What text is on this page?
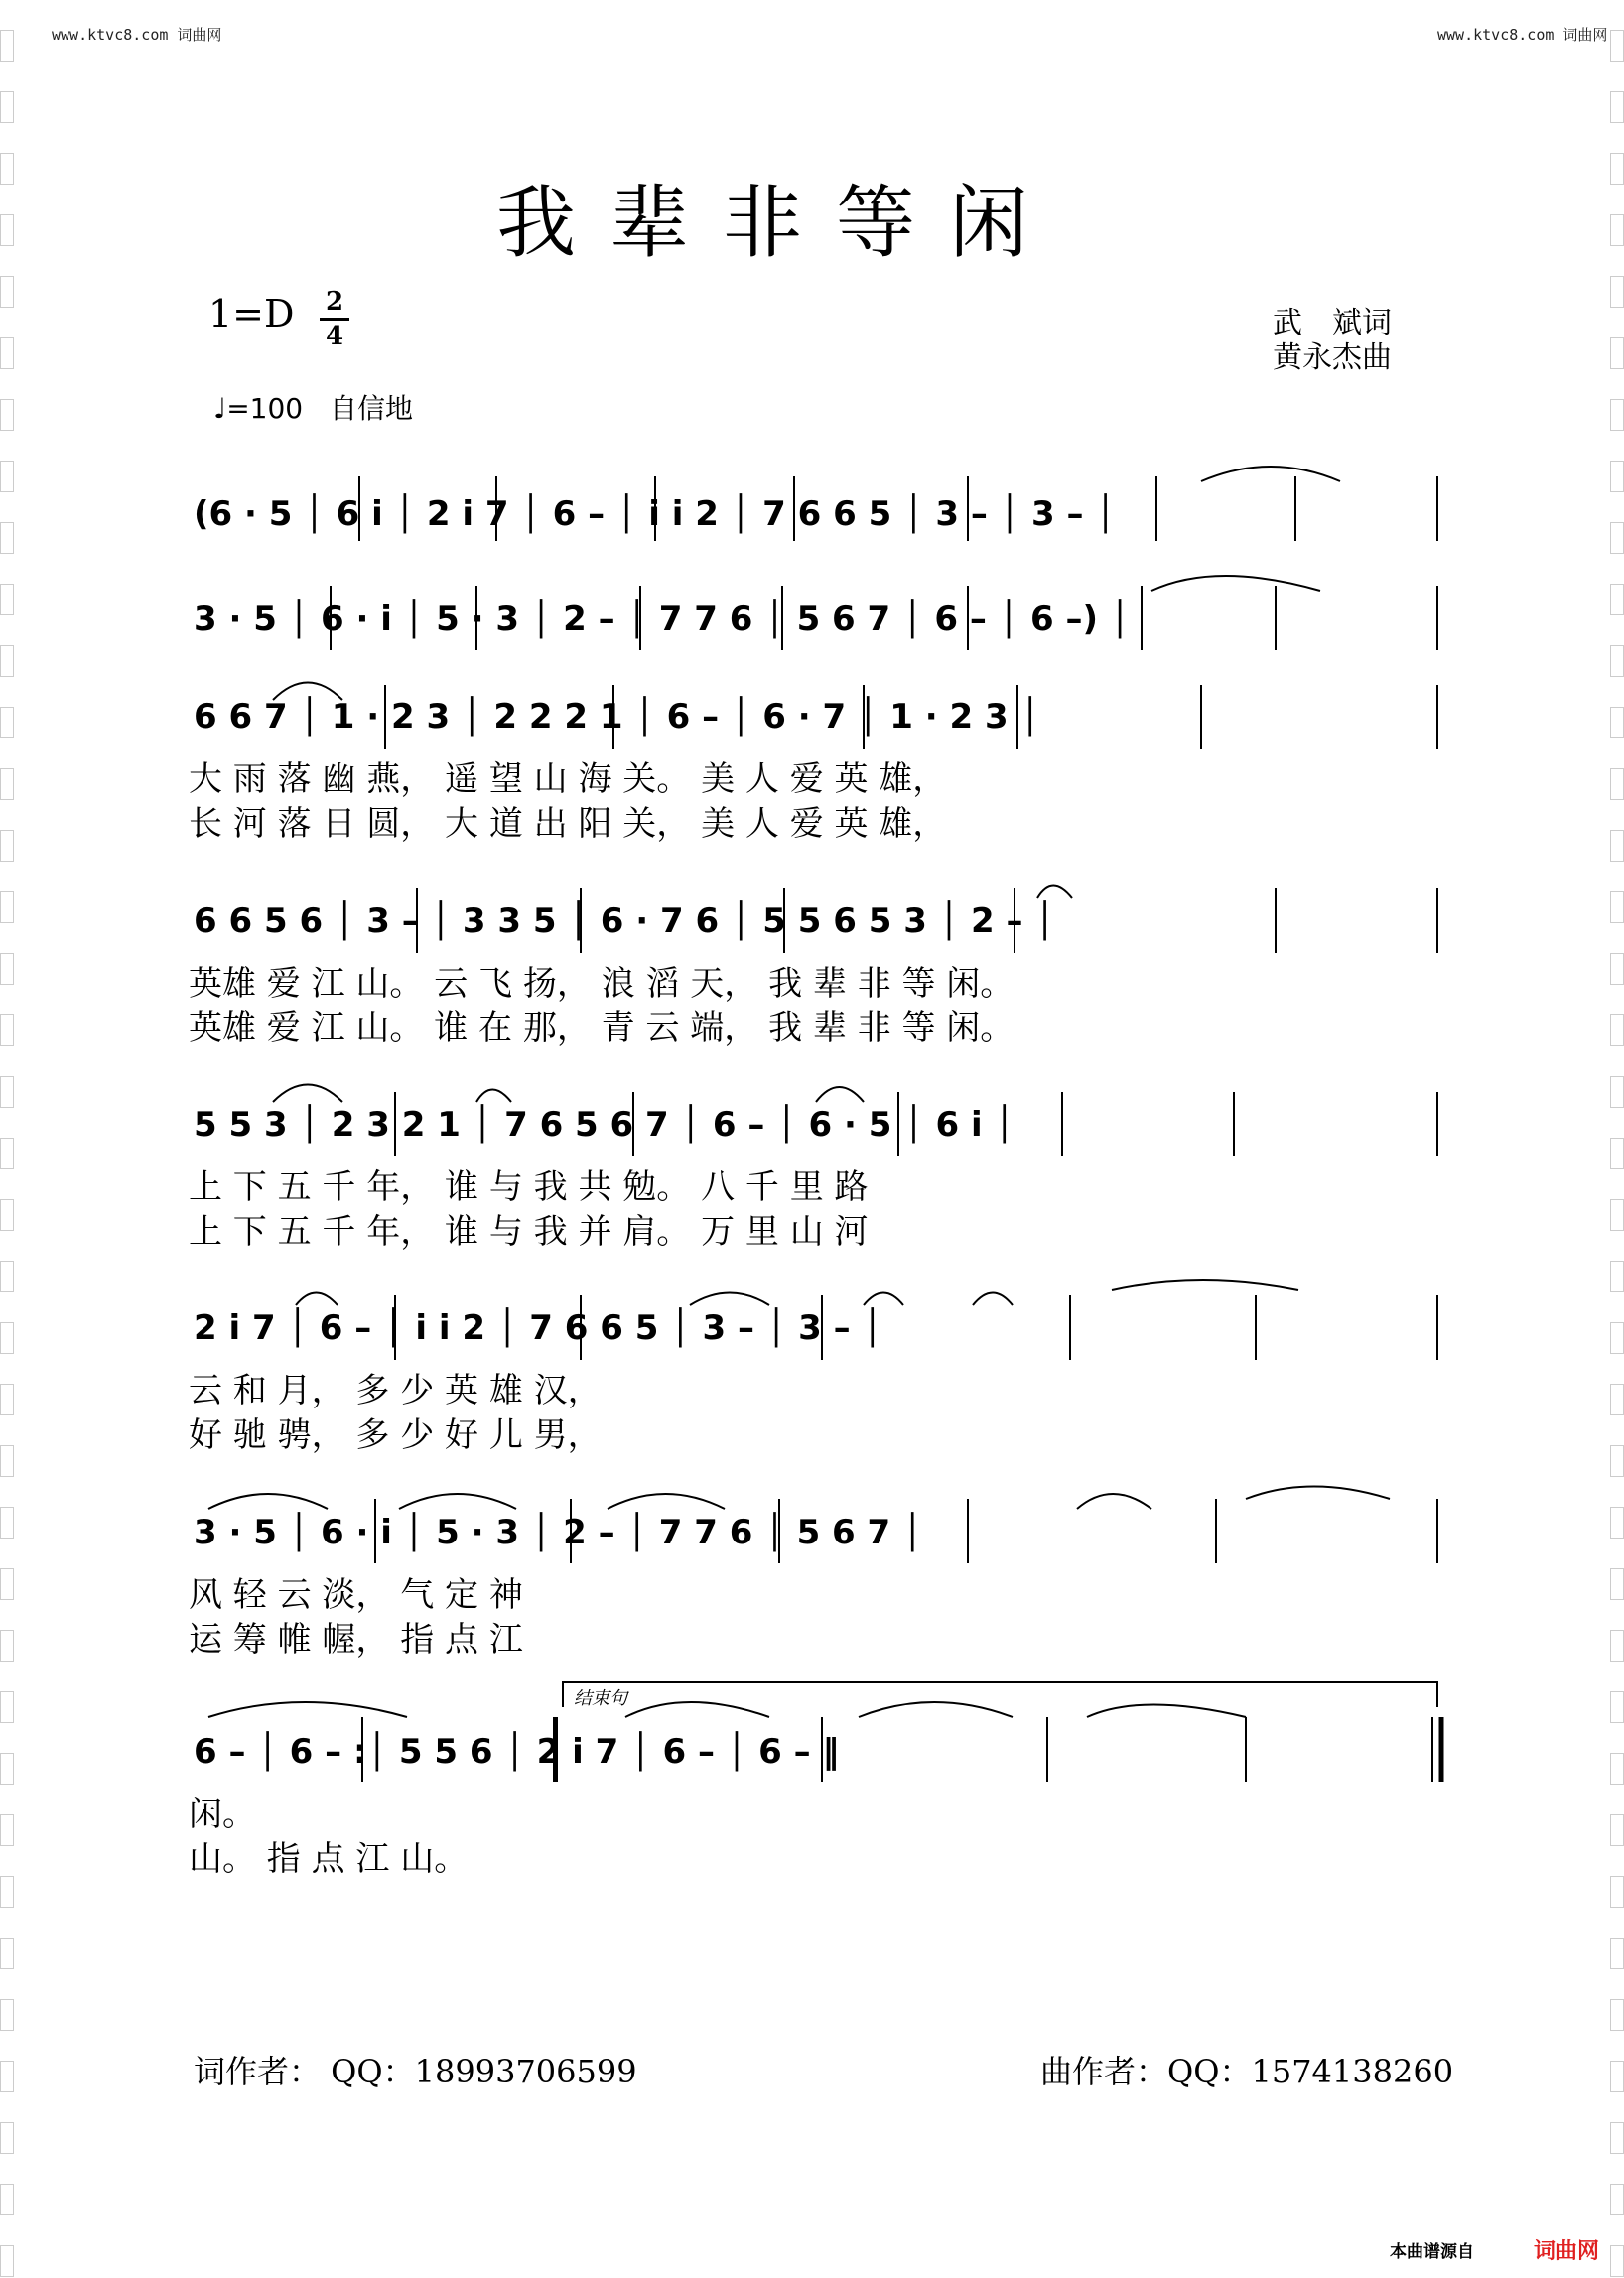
www.ktvc8.com 词曲网	www.ktvc8.com 词曲网
我辈非等闲
1=D 2
4	武　斌词
黄永杰曲
♩=100 自信地
(6 · 5 │ 6 i │ 2 i 7 │ 6 – │ i i 2 │ 7 6 6 5 │ 3 – │ 3 – │
3 · 5 │ 6 · i │ 5 · 3 │ 2 – │ 7 7 6 │ 5 6 7 │ 6 – │ 6 –) │
6 6 7 │ 1 · 2 3 │ 2 2 2 1 │ 6 – │ 6 · 7 │ 1 · 2 3 │
大 雨 落 幽 燕， 遥 望 山 海 关。 美 人 爱 英 雄，
长 河 落 日 圆， 大 道 出 阳 关， 美 人 爱 英 雄，
6 6 5 6 │ 3 – │ 3 3 5 │ 6 · 7 6 │ 5 5 6 5 3 │ 2 – │
英雄 爱 江 山。 云 飞 扬， 浪 滔 天， 我 辈 非 等 闲。
英雄 爱 江 山。 谁 在 那， 青 云 端， 我 辈 非 等 闲。
5 5 3 │ 2 3 2 1 │ 7 6 5 6 7 │ 6 – │ 6 · 5 │ 6 i │
上 下 五 千 年， 谁 与 我 共 勉。 八 千 里 路
上 下 五 千 年， 谁 与 我 并 肩。 万 里 山 河
2 i 7 │ 6 – │ i i 2 │ 7 6 6 5 │ 3 – │ 3 – │
云 和 月， 多 少 英 雄 汉，
好 驰 骋， 多 少 好 儿 男，
3 · 5 │ 6 · i │ 5 · 3 │ 2 – │ 7 7 6 │ 5 6 7 │
风 轻 云 淡， 气 定 神
运 筹 帷 幄， 指 点 江
6 – │ 6 – :│ 5 5 6 │ 2 i 7 │ 6 – │ 6 – ‖
闲。
山。 指 点 江 山。
结束句
词作者： QQ：18993706599	曲作者：QQ：1574138260
本曲谱源自	词曲网
